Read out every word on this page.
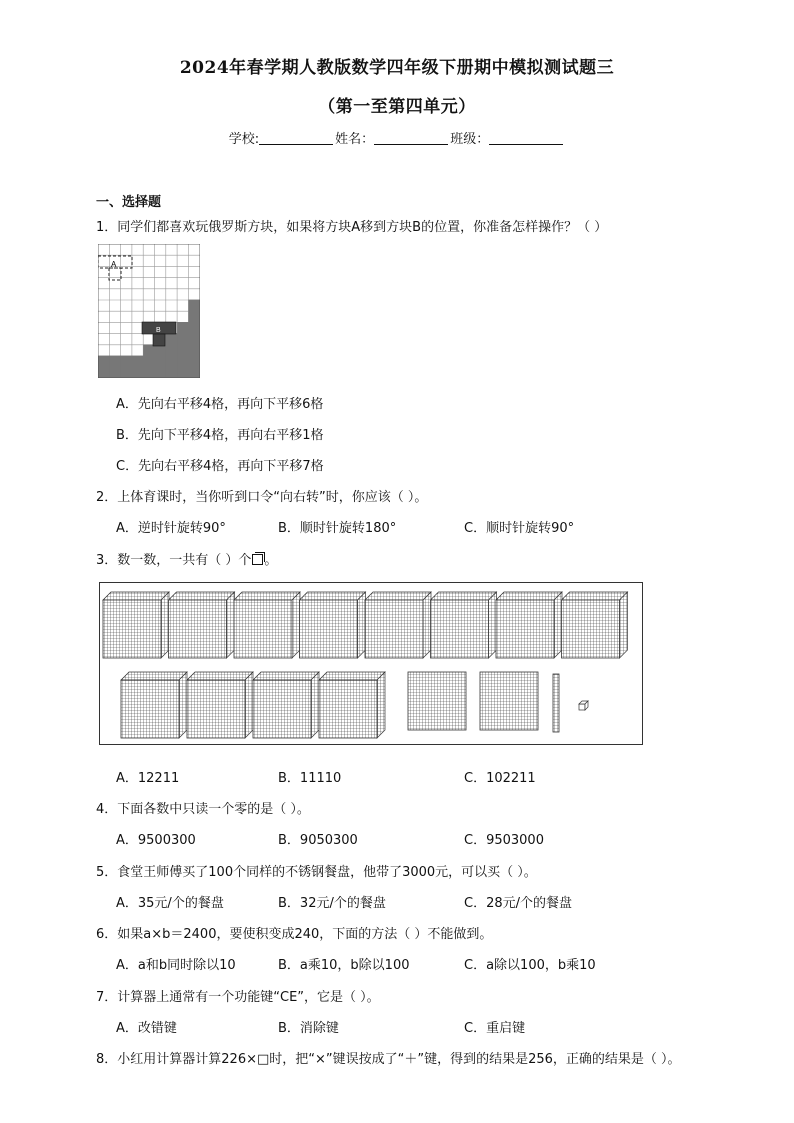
2024年春学期人教版数学四年级下册期中模拟测试题三
（第一至第四单元）
学校:	姓名：	班级：
一、选择题
1．同学们都喜欢玩俄罗斯方块，如果将方块A移到方块B的位置，你准备怎样操作？（ ）
A
B
A．先向右平移4格，再向下平移6格
B．先向下平移4格，再向右平移1格
C．先向右平移4格，再向下平移7格
2．上体育课时，当你听到口令“向右转”时，你应该（ ）。
A．逆时针旋转90°	B．顺时针旋转180°	C．顺时针旋转90°
3．数一数，一共有（ ）个 。
A．12211	B．11110	C．102211
4．下面各数中只读一个零的是（ ）。
A．9500300	B．9050300	C．9503000
5．食堂王师傅买了100个同样的不锈钢餐盘，他带了3000元，可以买（ ）。
A．35元/个的餐盘	B．32元/个的餐盘	C．28元/个的餐盘
6．如果a×b＝2400，要使积变成240，下面的方法（ ）不能做到。
A．a和b同时除以10	B．a乘10，b除以100	C．a除以100，b乘10
7．计算器上通常有一个功能键“CE”，它是（ ）。
A．改错键	B．消除键	C．重启键
8．小红用计算器计算226×□时，把“×”键误按成了“＋”键，得到的结果是256，正确的结果是（ ）。
